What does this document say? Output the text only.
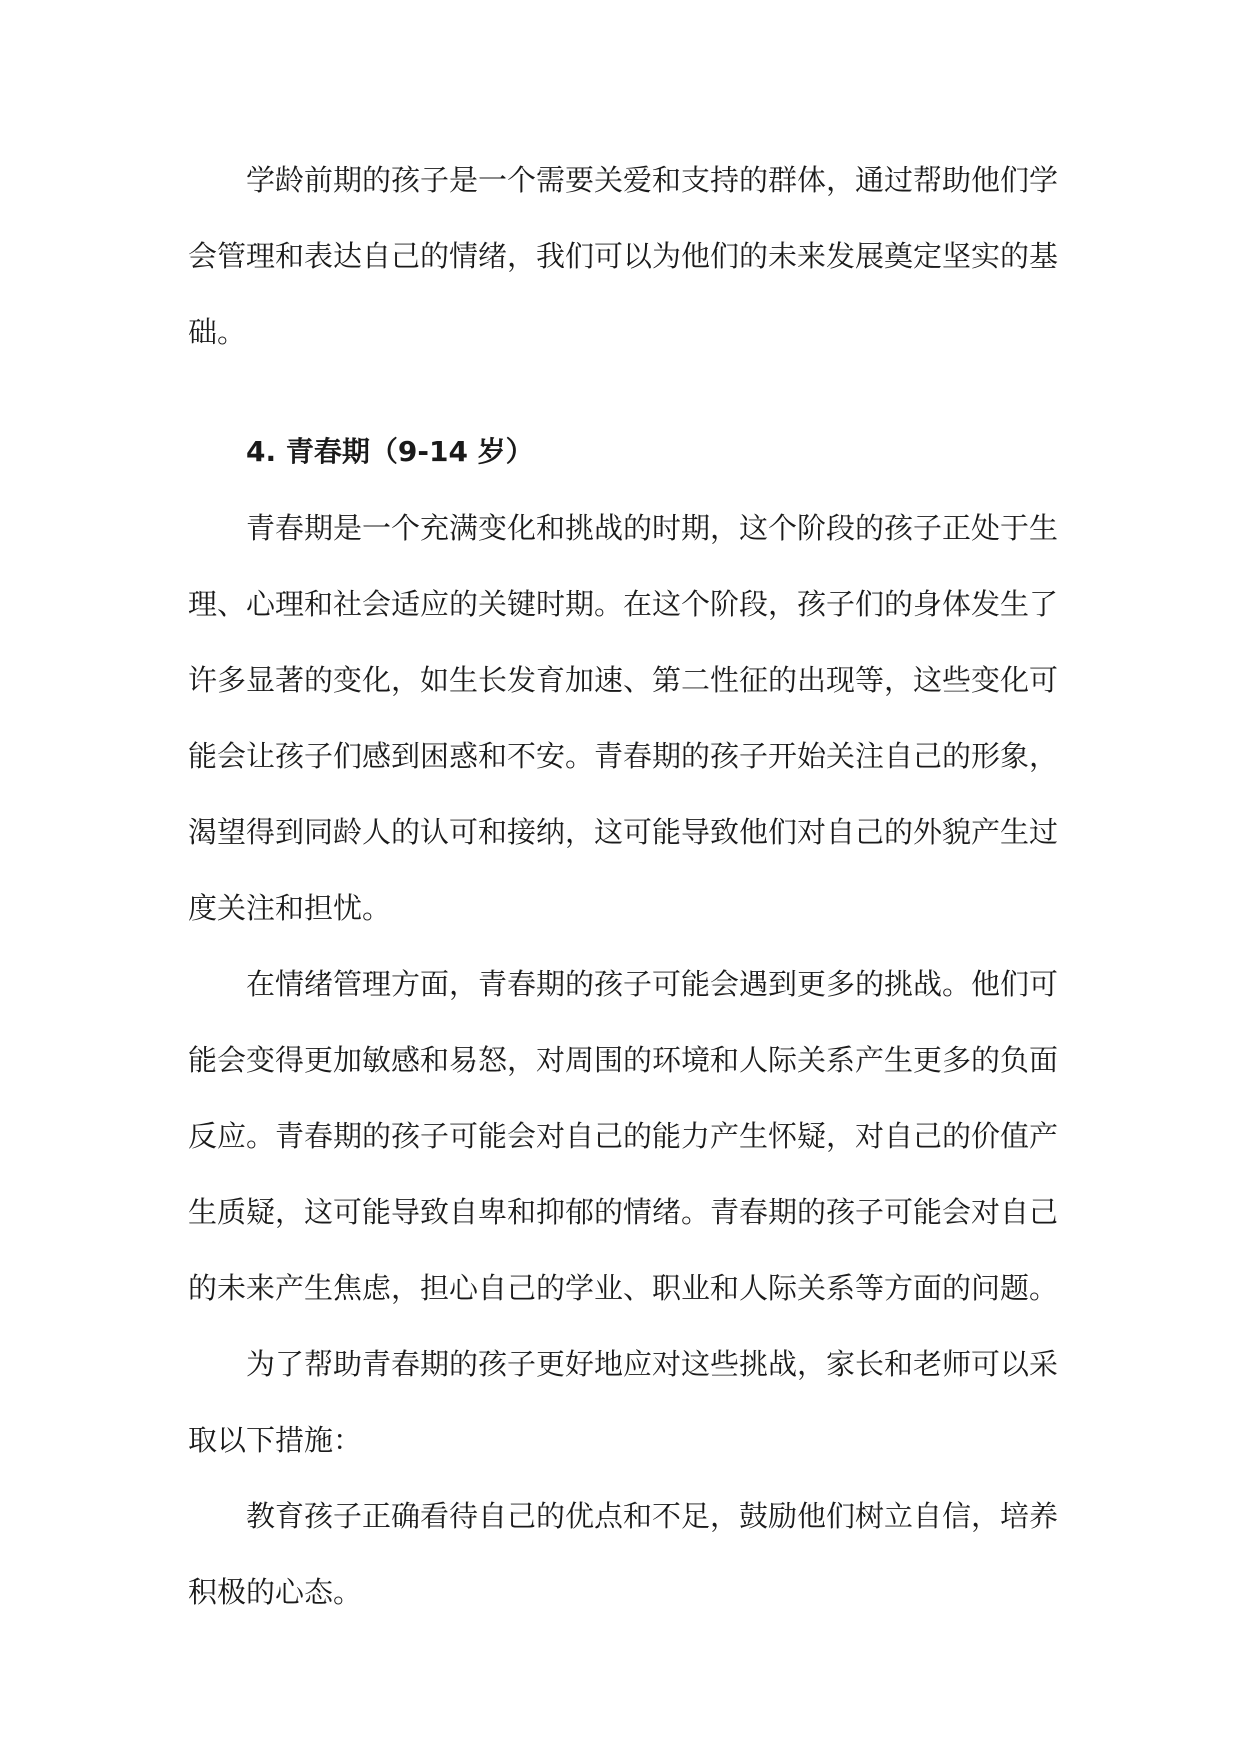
学龄前期的孩子是一个需要关爱和支持的群体，通过帮助他们学会管理和表达自己的情绪，我们可以为他们的未来发展奠定坚实的基础。

4. 青春期（9-14 岁）

青春期是一个充满变化和挑战的时期，这个阶段的孩子正处于生理、心理和社会适应的关键时期。在这个阶段，孩子们的身体发生了许多显著的变化，如生长发育加速、第二性征的出现等，这些变化可能会让孩子们感到困惑和不安。青春期的孩子开始关注自己的形象，渴望得到同龄人的认可和接纳，这可能导致他们对自己的外貌产生过度关注和担忧。

在情绪管理方面，青春期的孩子可能会遇到更多的挑战。他们可能会变得更加敏感和易怒，对周围的环境和人际关系产生更多的负面反应。青春期的孩子可能会对自己的能力产生怀疑，对自己的价值产生质疑，这可能导致自卑和抑郁的情绪。青春期的孩子可能会对自己的未来产生焦虑，担心自己的学业、职业和人际关系等方面的问题。

为了帮助青春期的孩子更好地应对这些挑战，家长和老师可以采取以下措施：

教育孩子正确看待自己的优点和不足，鼓励他们树立自信，培养积极的心态。
